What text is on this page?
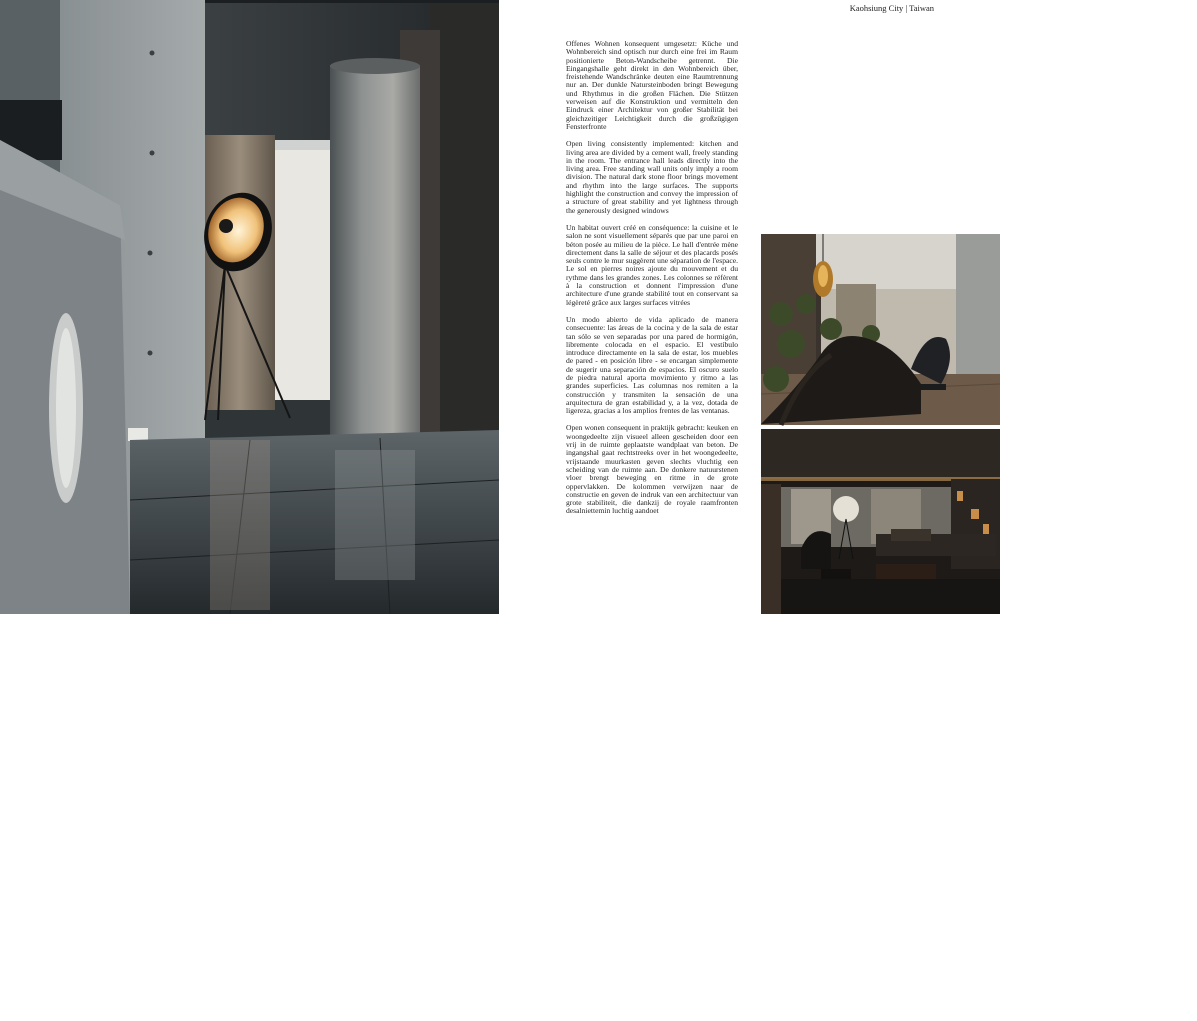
Kaohsiung City | Taiwan

Offenes Wohnen konsequent umgesetzt: Küche und Wohnbereich sind optisch nur durch eine frei im Raum positionierte Beton-Wandscheibe getrennt. Die Eingangshalle geht direkt in den Wohnbereich über, freistehende Wandschränke deuten eine Raumtrennung nur an. Der dunkle Natursteinboden bringt Bewegung und Rhythmus in die großen Flächen. Die Stützen verweisen auf die Konstruktion und vermitteln den Eindruck einer Architektur von großer Stabilität bei gleichzeitiger Leichtigkeit durch die großzügigen Fensterfronte

Open living consistently implemented: kitchen and living area are divided by a cement wall, freely standing in the room. The entrance hall leads directly into the living area. Free standing wall units only imply a room division. The natural dark stone floor brings movement and rhythm into the large surfaces. The supports highlight the construction and convey the impression of a structure of great stability and yet lightness through the generously designed windows

Un habitat ouvert créé en conséquence: la cuisine et le salon ne sont visuellement séparés que par une paroi en béton posée au milieu de la pièce. Le hall d'entrée mène directement dans la salle de séjour et des placards posés seuls contre le mur suggèrent une séparation de l'espace. Le sol en pierres noires ajoute du mouvement et du rythme dans les grandes zones. Les colonnes se réfèrent à la construction et donnent l'impression d'une architecture d'une grande stabilité tout en conservant sa légèreté grâce aux larges surfaces vitrées

Un modo abierto de vida aplicado de manera consecuente: las áreas de la cocina y de la sala de estar tan sólo se ven separadas por una pared de hormigón, libremente colocada en el espacio. El vestíbulo introduce directamente en la sala de estar, los muebles de pared - en posición libre - se encargan simplemente de sugerir una separación de espacios. El oscuro suelo de piedra natural aporta movimiento y ritmo a las grandes superficies. Las columnas nos remiten a la construcción y transmiten la sensación de una arquitectura de gran estabilidad y, a la vez, dotada de ligereza, gracias a los amplios frentes de las ventanas.

Open wonen consequent in praktijk gebracht: keuken en woongedeelte zijn visueel alleen gescheiden door een vrij in de ruimte geplaatste wandplaat van beton. De ingangshal gaat rechtstreeks over in het woongedeelte, vrijstaande muurkasten geven slechts vluchtig een scheiding van de ruimte aan. De donkere natuurstenen vloer brengt beweging en ritme in de grote oppervlakken. De kolommen verwijzen naar de constructie en geven de indruk van een architectuur van grote stabiliteit, die dankzij de royale raamfronten desalniettemin luchtig aandoet

102|103
